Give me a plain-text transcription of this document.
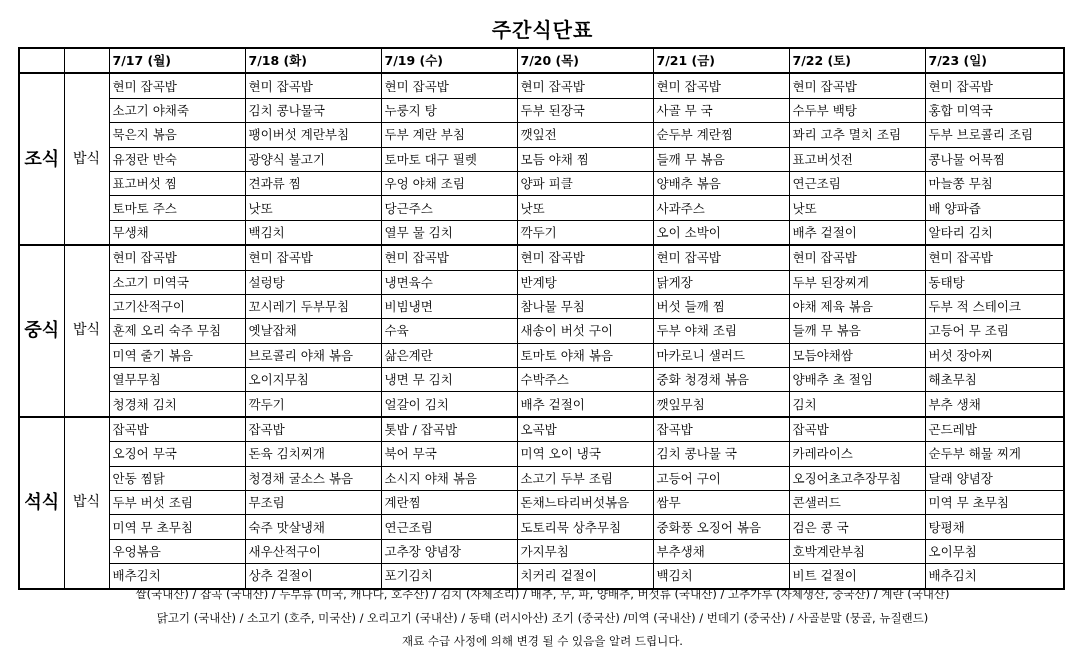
주간식단표
		7/17 (월)	7/18 (화)	7/19 (수)	7/20 (목)	7/21 (금)	7/22 (토)	7/23 (일)
조식	밥식	현미 잡곡밥	현미 잡곡밥	현미 잡곡밥	현미 잡곡밥	현미 잡곡밥	현미 잡곡밥	현미 잡곡밥
		소고기 야채죽	김치 콩나물국	누룽지 탕	두부 된장국	사골 무 국	수두부 백탕	홍합 미역국
		묵은지 볶음	팽이버섯 계란부침	두부 계란 부침	깻잎전	순두부 계란찜	꽈리 고추 멸치 조림	두부 브로콜리 조림
		유정란 반숙	광양식 불고기	토마토 대구 필렛	모듬 야채 찜	들깨 무 볶음	표고버섯전	콩나물 어묵찜
		표고버섯 찜	견과류 찜	우엉 야채 조림	양파 피클	양배추 볶음	연근조림	마늘쫑 무침
		토마토 주스	낫또	당근주스	낫또	사과주스	낫또	배 양파즙
		무생채	백김치	열무 물 김치	깍두기	오이 소박이	배추 겉절이	알타리 김치
중식	밥식	현미 잡곡밥	현미 잡곡밥	현미 잡곡밥	현미 잡곡밥	현미 잡곡밥	현미 잡곡밥	현미 잡곡밥
		소고기 미역국	설렁탕	냉면육수	반계탕	닭게장	두부 된장찌게	동태탕
		고기산적구이	꼬시레기 두부무침	비빔냉면	참나물 무침	버섯 들깨 찜	야채 제육 볶음	두부 적 스테이크
		훈제 오리 숙주 무침	옛날잡채	수육	새송이 버섯 구이	두부 야채 조림	들깨 무 볶음	고등어 무 조림
		미역 줄기 볶음	브로콜리 야채 볶음	삶은계란	토마토 야채 볶음	마카로니 샐러드	모듬야채쌈	버섯 장아찌
		열무무침	오이지무침	냉면 무 김치	수박주스	중화 청경채 볶음	양배추 초 절임	해초무침
		청경채 김치	깍두기	얼갈이 김치	배추 겉절이	깻잎무침	김치	부추 생채
석식	밥식	잡곡밥	잡곡밥	톳밥 / 잡곡밥	오곡밥	잡곡밥	잡곡밥	곤드레밥
		오징어 무국	돈육 김치찌개	북어 무국	미역 오이 냉국	김치 콩나물 국	카레라이스	순두부 해물 찌게
		안동 찜닭	청경채 굴소스 볶음	소시지 야채 볶음	소고기 두부 조림	고등어 구이	오징어초고추장무침	달래 양념장
		두부 버섯 조림	무조림	계란찜	돈채느타리버섯볶음	쌈무	콘샐러드	미역 무 초무침
		미역 무 초무침	숙주 맛살냉채	연근조림	도토리묵 상추무침	중화풍 오징어 볶음	검은 콩 국	탕평채
		우엉볶음	새우산적구이	고추장 양념장	가지무침	부추생채	호박계란부침	오이무침
		배추김치	상추 겉절이	포기김치	치커리 겉절이	백김치	비트 겉절이	배추김치
쌀(국내산) / 잡곡 (국내산) / 두부류 (미국, 캐나다, 호주산) / 김치 (자체조리) / 배추, 무, 파, 양배추, 버섯류 (국내산) / 고추가루 (자체생산, 중국산) / 계란 (국내산)
닭고기 (국내산) / 소고기 (호주, 미국산) / 오리고기 (국내산) / 동태 (러시아산) 조기 (중국산) /미역 (국내산) / 번데기 (중국산) / 사골분말 (뭉골, 뉴질랜드)
재료 수급 사정에 의해 변경 될 수 있음을 알려 드립니다.
